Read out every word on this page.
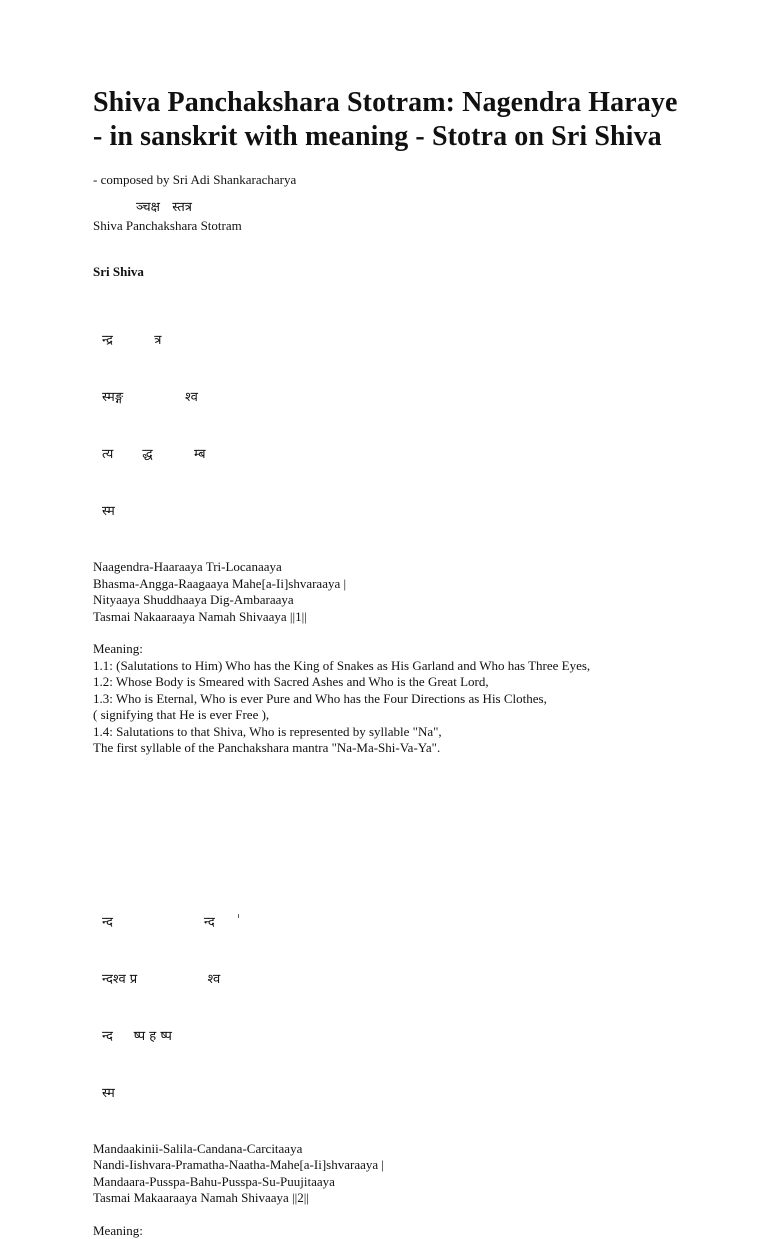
Shiva Panchakshara Stotram: Nagendra Haraye - in sanskrit with meaning - Stotra on Sri Shiva
- composed by Sri Adi Shankaracharya
ञ्चक्ष   स्तत्र
Shiva Panchakshara Stotram
Sri Shiva

न्द्र          त्र

स्मङ्ग               श्व

त्य       द्ध          म्ब

स्म

Naagendra-Haaraaya Tri-Locanaaya
Bhasma-Angga-Raagaaya Mahe[a-Ii]shvaraaya |
Nityaaya Shuddhaaya Dig-Ambaraaya
Tasmai Nakaaraaya Namah Shivaaya ||1||
Meaning:
1.1: (Salutations to Him) Who has the King of Snakes as His Garland and Who has Three Eyes,
1.2: Whose Body is Smeared with Sacred Ashes and Who is the Great Lord,
1.3: Who is Eternal, Who is ever Pure and Who has the Four Directions as His Clothes,
( signifying that He is ever Free ),
1.4: Salutations to that Shiva, Who is represented by syllable "Na",
The first syllable of the Panchakshara mantra "Na-Ma-Shi-Va-Ya".

न्द                      न्द      ٰ

न्दश्व प्र                 श्व

न्द     ष्प ह ष्प

स्म

Mandaakinii-Salila-Candana-Carcitaaya
Nandi-Iishvara-Pramatha-Naatha-Mahe[a-Ii]shvaraaya |
Mandaara-Pusspa-Bahu-Pusspa-Su-Puujitaaya
Tasmai Makaaraaya Namah Shivaaya ||2||
Meaning:
